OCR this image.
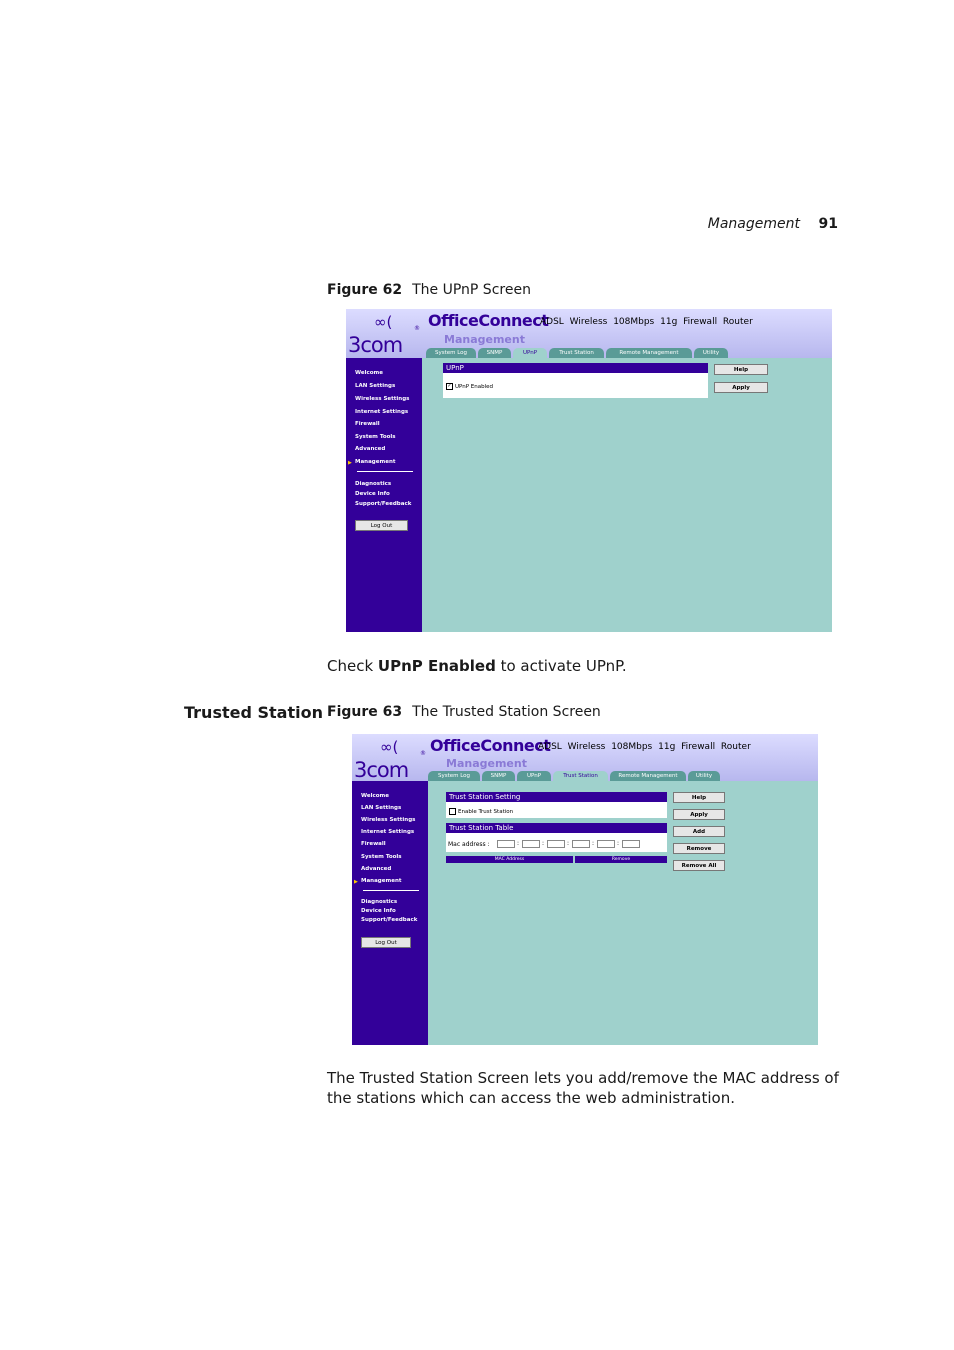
Management 91
Figure 62 The UPnP Screen
∞(	®
3com
OfficeConnect
ADSL Wireless 108Mbps 11g Firewall Router
Management
System Log	SNMP	UPnP	Trust Station	Remote Management	Utility
Welcome
LAN Settings
Wireless Settings
Internet Settings
Firewall
System Tools
Advanced
▶ Management
Diagnostics
Device Info
Support/Feedback
Log Out
UPnP
✓ UPnP Enabled
Help
Apply
Check UPnP Enabled to activate UPnP.
Trusted Station Figure 63 The Trusted Station Screen
∞(	®
3com
OfficeConnect
ADSL Wireless 108Mbps 11g Firewall Router
Management
System Log	SNMP	UPnP	Trust Station	Remote Management	Utility
Welcome
LAN Settings
Wireless Settings
Internet Settings
Firewall
System Tools
Advanced
▶ Management
Diagnostics
Device Info
Support/Feedback
Log Out
Trust Station Setting
Enable Trust Station
Trust Station Table
Mac address :	:	:	:	:	:
MAC Address	Remove
Help
Apply
Add
Remove
Remove All
The Trusted Station Screen lets you add/remove the MAC address of the stations which can access the web administration.
